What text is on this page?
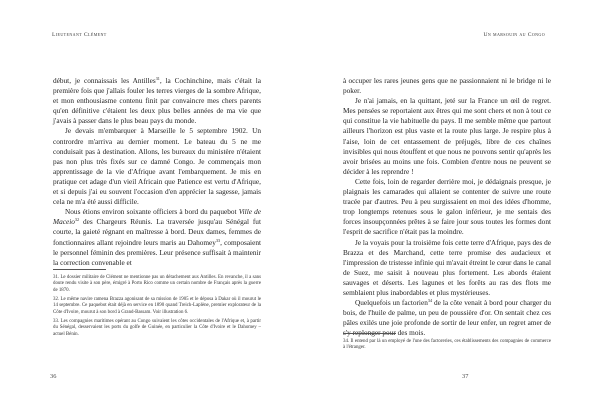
Lieutenant Clément

début, je connaissais les Antilles$^{31}$, la Cochinchine, mais c'était la première fois que j'allais fouler les terres vierges de la sombre Afrique, et mon enthousiasme contenu finit par convaincre mes chers parents qu'en définitive c'étaient les deux plus belles années de ma vie que j'avais à passer dans le plus beau pays du monde.

Je devais m'embarquer à Marseille le 5 septembre 1902. Un contrordre m'arriva au dernier moment. Le bateau du 5 ne me conduisait pas à destination. Allons, les bureaux du ministère n'étaient pas non plus très fixés sur ce damné Congo. Je commençais mon apprentissage de la vie d'Afrique avant l'embarquement. Je mis en pratique cet adage d'un vieil Africain que Patience est vertu d'Afrique, et si depuis j'ai eu souvent l'occasion d'en apprécier la sagesse, jamais cela ne m'a été aussi difficile.

Nous étions environ soixante officiers à bord du paquebot Ville de Maceio$^{32}$ des Chargeurs Réunis. La traversée jusqu'au Sénégal fut courte, la gaieté régnant en maîtresse à bord. Deux dames, femmes de fonctionnaires allant rejoindre leurs maris au Dahomey$^{33}$, composaient le personnel féminin des premières. Leur présence suffisait à maintenir la correction convenable et

31. Le dossier militaire de Clément ne mentionne pas un détachement aux Antilles. En revanche, il a sans doute rendu visite à son père, émigré à Porto Rico comme un certain nombre de Français après la guerre de 1870.

32. Le même navire ramena Brazza agonisant de sa mission de 1905 et le déposa à Dakar où il mourut le 14 septembre. Ce paquebot était déjà en service en 1890 quand Treich-Laplène, premier explorateur de la Côte d'Ivoire, mourut à son bord à Grand-Bassam. Voir illustration 6.

33. Les compagnies maritimes opérant au Congo suivaient les côtes occidentales de l'Afrique et, à partir du Sénégal, desservaient les ports du golfe de Guinée, en particulier la Côte d'Ivoire et le Dahomey – actuel Bénin.

36
Un marsouin au Congo

à occuper les rares jeunes gens que ne passionnaient ni le bridge ni le poker.

Je n'ai jamais, en la quittant, jeté sur la France un œil de regret. Mes pensées se reportaient aux êtres qui me sont chers et non à tout ce qui constitue la vie habituelle du pays. Il me semble même que partout ailleurs l'horizon est plus vaste et la route plus large. Je respire plus à l'aise, loin de cet entassement de préjugés, libre de ces chaînes invisibles qui nous étouffent et que nous ne pouvons sentir qu'après les avoir brisées au moins une fois. Combien d'entre nous ne peuvent se décider à les reprendre !

Cette fois, loin de regarder derrière moi, je dédaignais presque, je plaignais les camarades qui allaient se contenter de suivre une route tracée par d'autres. Peu à peu surgissaient en moi des idées d'homme, trop longtemps retenues sous le galon inférieur, je me sentais des forces insoupçonnées prêtes à se faire jour sous toutes les formes dont l'esprit de sacrifice n'était pas la moindre.

Je la voyais pour la troisième fois cette terre d'Afrique, pays des de Brazza et des Marchand, cette terre promise des audacieux et l'impression de tristesse infinie qui m'avait étreint le cœur dans le canal de Suez, me saisit à nouveau plus fortement. Les abords étaient sauvages et déserts. Les lagunes et les forêts au ras des flots me semblaient plus inabordables et plus mystérieuses.

Quelquefois un factorien$^{34}$ de la côte venait à bord pour charger du bois, de l'huile de palme, un peu de poussière d'or. On sentait chez ces pâles exilés une joie profonde de sortir de leur enfer, un regret amer de s'y replonger pour des mois.

34. Il entend par là un employé de l'une des factoreries, ces établissements des compagnies de commerce à l'étranger.

37
